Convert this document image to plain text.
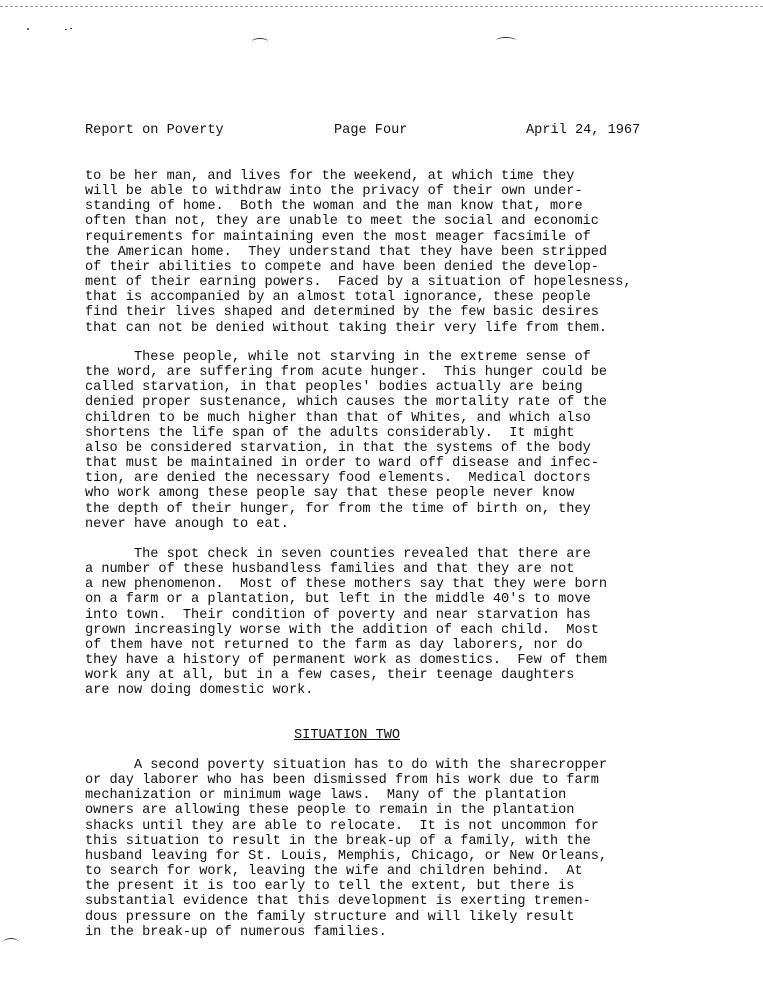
Report on Poverty	Page Four	April 24, 1967

to be her man, and lives for the weekend, at which time they
will be able to withdraw into the privacy of their own under-
standing of home.  Both the woman and the man know that, more
often than not, they are unable to meet the social and economic
requirements for maintaining even the most meager facsimile of
the American home.  They understand that they have been stripped
of their abilities to compete and have been denied the develop-
ment of their earning powers.  Faced by a situation of hopelesness,
that is accompanied by an almost total ignorance, these people
find their lives shaped and determined by the few basic desires
that can not be denied without taking their very life from them.

These people, while not starving in the extreme sense of
the word, are suffering from acute hunger.  This hunger could be
called starvation, in that peoples' bodies actually are being
denied proper sustenance, which causes the mortality rate of the
children to be much higher than that of Whites, and which also
shortens the life span of the adults considerably.  It might
also be considered starvation, in that the systems of the body
that must be maintained in order to ward off disease and infec-
tion, are denied the necessary food elements.  Medical doctors
who work among these people say that these people never know
the depth of their hunger, for from the time of birth on, they
never have anough to eat.

The spot check in seven counties revealed that there are
a number of these husbandless families and that they are not
a new phenomenon.  Most of these mothers say that they were born
on a farm or a plantation, but left in the middle 40's to move
into town.  Their condition of poverty and near starvation has
grown increasingly worse with the addition of each child.  Most
of them have not returned to the farm as day laborers, nor do
they have a history of permanent work as domestics.  Few of them
work any at all, but in a few cases, their teenage daughters
are now doing domestic work.

SITUATION TWO

A second poverty situation has to do with the sharecropper
or day laborer who has been dismissed from his work due to farm
mechanization or minimum wage laws.  Many of the plantation
owners are allowing these people to remain in the plantation
shacks until they are able to relocate.  It is not uncommon for
this situation to result in the break-up of a family, with the
husband leaving for St. Louis, Memphis, Chicago, or New Orleans,
to search for work, leaving the wife and children behind.  At
the present it is too early to tell the extent, but there is
substantial evidence that this development is exerting tremen-
dous pressure on the family structure and will likely result
in the break-up of numerous families.
